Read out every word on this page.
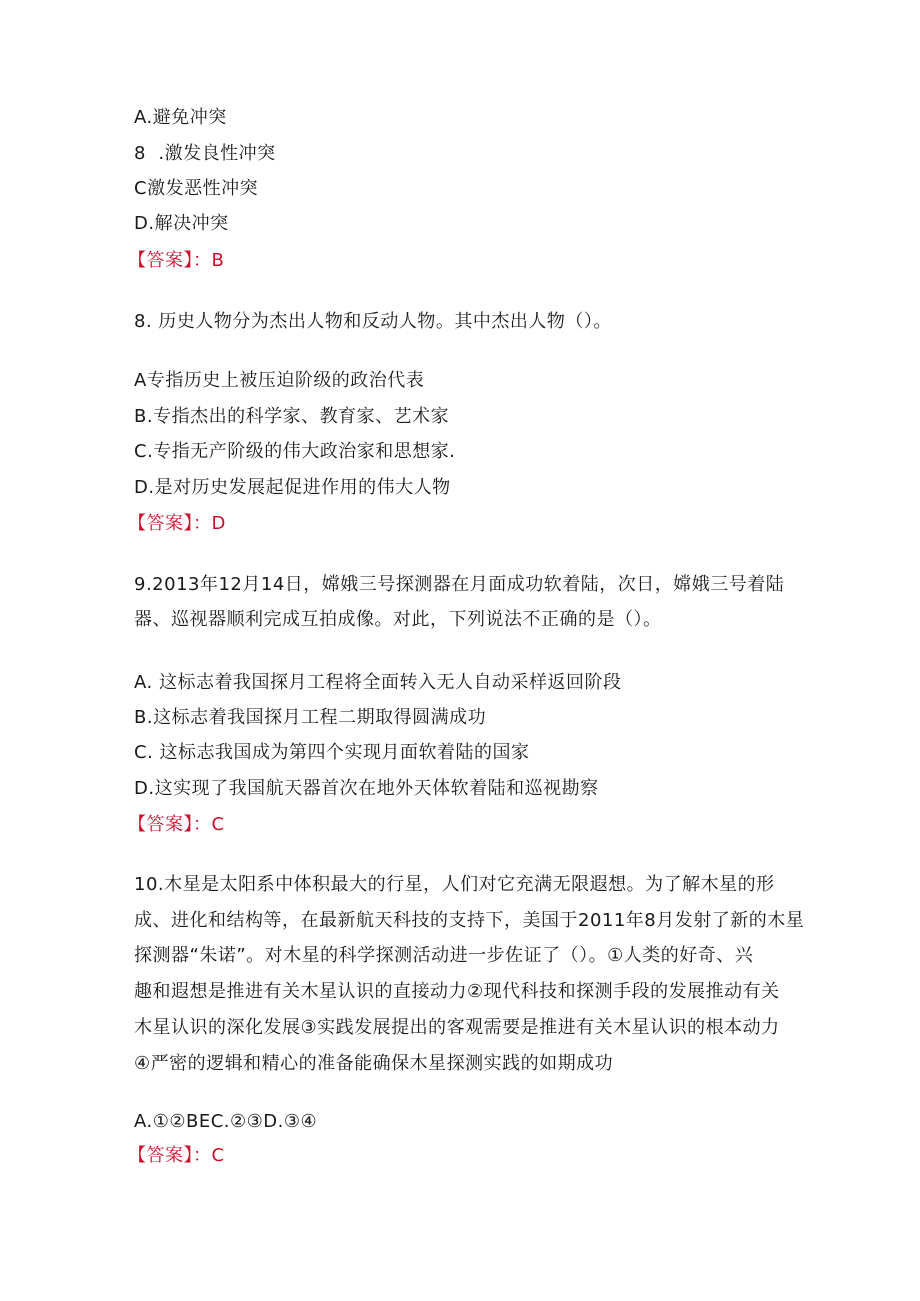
A.避免冲突
8  .激发良性冲突
C激发恶性冲突
D.解决冲突
【答案】：B
8. 历史人物分为杰出人物和反动人物。其中杰出人物（）。
A专指历史上被压迫阶级的政治代表
B.专指杰出的科学家、教育家、艺术家
C.专指无产阶级的伟大政治家和思想家.
D.是对历史发展起促进作用的伟大人物
【答案】：D
9.2013年12月14日，嫦娥三号探测器在月面成功软着陆，次日，嫦娥三号着陆
器、巡视器顺利完成互拍成像。对此，下列说法不正确的是（）。
A. 这标志着我国探月工程将全面转入无人自动采样返回阶段
B.这标志着我国探月工程二期取得圆满成功
C. 这标志我国成为第四个实现月面软着陆的国家
D.这实现了我国航天器首次在地外天体软着陆和巡视勘察
【答案】：C
10.木星是太阳系中体积最大的行星，人们对它充满无限遐想。为了解木星的形
成、进化和结构等，在最新航天科技的支持下，美国于2011年8月发射了新的木星
探测器“朱诺”。对木星的科学探测活动进一步佐证了（）。①人类的好奇、兴
趣和遐想是推进有关木星认识的直接动力②现代科技和探测手段的发展推动有关
木星认识的深化发展③实践发展提出的客观需要是推进有关木星认识的根本动力
④严密的逻辑和精心的准备能确保木星探测实践的如期成功
A.①②BEC.②③D.③④
【答案】：C
